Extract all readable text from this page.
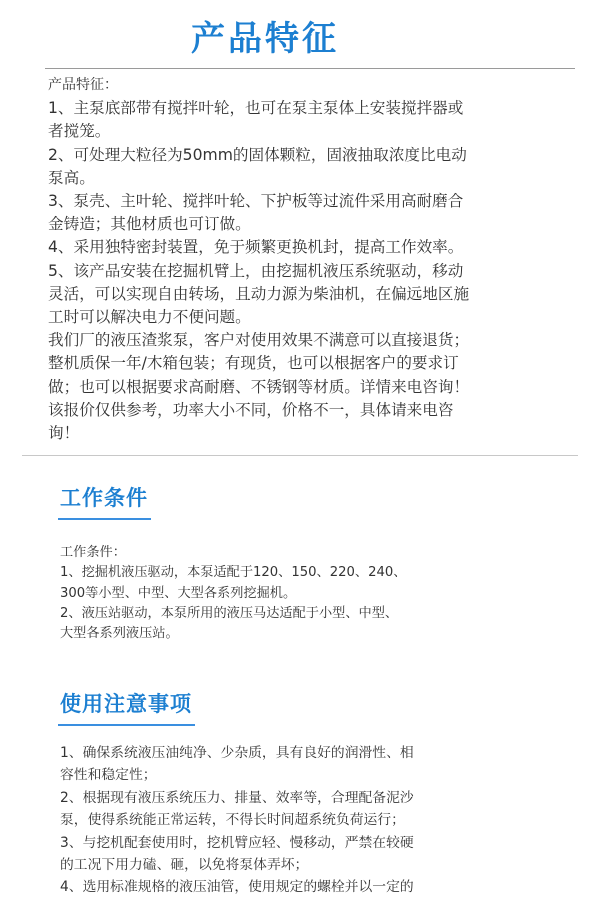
产品特征
产品特征：
1、主泵底部带有搅拌叶轮，也可在泵主泵体上安装搅拌器或
者搅笼。
2、可处理大粒径为50mm的固体颗粒，固液抽取浓度比电动
泵高。
3、泵壳、主叶轮、搅拌叶轮、下护板等过流件采用高耐磨合
金铸造；其他材质也可订做。
4、采用独特密封装置，免于频繁更换机封，提高工作效率。
5、该产品安装在挖掘机臂上，由挖掘机液压系统驱动，移动
灵活，可以实现自由转场，且动力源为柴油机，在偏远地区施
工时可以解决电力不便问题。
我们厂的液压渣浆泵，客户对使用效果不满意可以直接退货；
整机质保一年/木箱包装；有现货，也可以根据客户的要求订
做；也可以根据要求高耐磨、不锈钢等材质。详情来电咨询！
该报价仅供参考，功率大小不同，价格不一，具体请来电咨
询！
工作条件
工作条件：
1、挖掘机液压驱动，本泵适配于120、150、220、240、
300等小型、中型、大型各系列挖掘机。
2、液压站驱动，本泵所用的液压马达适配于小型、中型、
大型各系列液压站。
使用注意事项
1、确保系统液压油纯净、少杂质，具有良好的润滑性、相
容性和稳定性；
2、根据现有液压系统压力、排量、效率等，合理配备泥沙
泵，使得系统能正常运转，不得长时间超系统负荷运行；
3、与挖机配套使用时，挖机臂应轻、慢移动，严禁在较硬
的工况下用力磕、砸，以免将泵体弄坏；
4、选用标准规格的液压油管，使用规定的螺栓并以一定的
